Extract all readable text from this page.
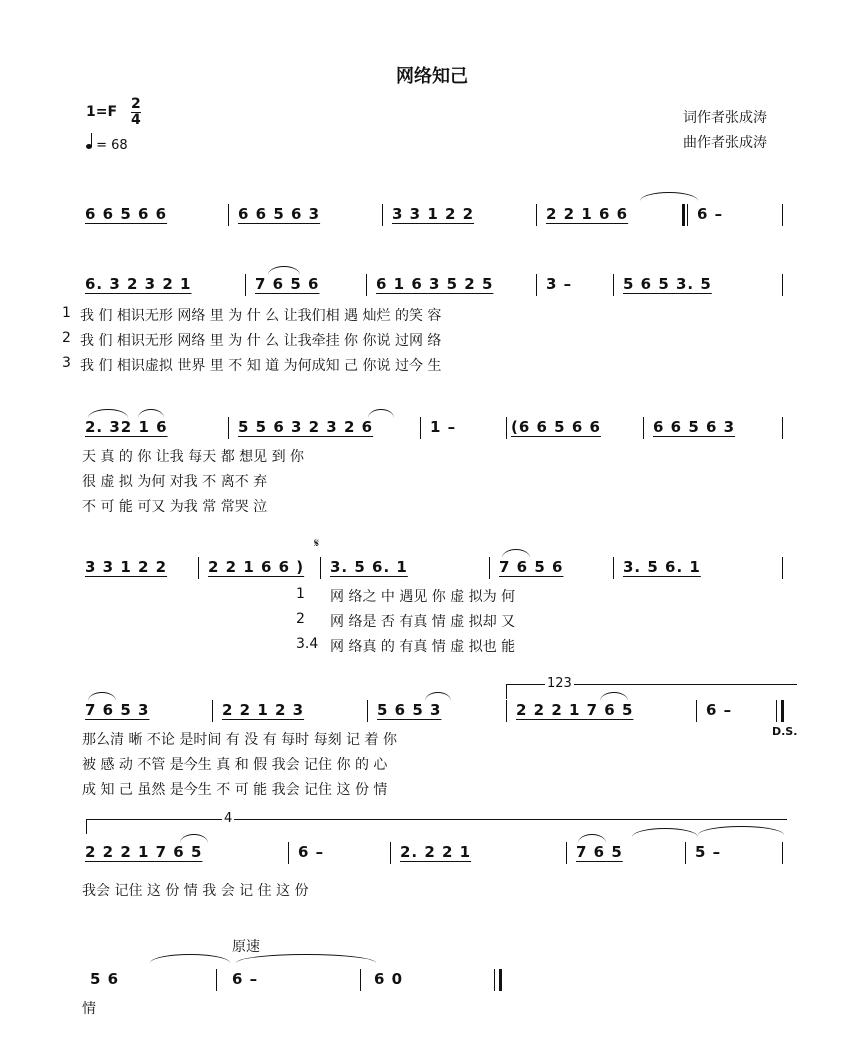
网络知己
词作者张成涛
曲作者张成涛
1=F 2
4
= 68
6 6 5 6 6	6 6 5 6 3	3 3 1 2 2	2 2 1 6 6	6 –
6. 3 2 3 2 1	7 6 5 6	6 1 6 3 5 2 5	3 –	5 6 5 3. 5
1 我 们 相识无形 网络 里 为 什 么 让我们相 遇 灿烂 的笑 容
2 我 们 相识无形 网络 里 为 什 么 让我牵挂 你 你说 过网 络
3 我 们 相识虚拟 世界 里 不 知 道 为何成知 己 你说 过今 生
2. 32 1 6	5 5 6 3 2 3 2 6	1 –	(6 6 5 6 6	6 6 5 6 3
天 真 的 你 让我 每天 都 想见 到 你
很 虚 拟 为何 对我 不 离不 弃
不 可 能 可又 为我 常 常哭 泣
𝄋
3 3 1 2 2	2 2 1 6 6 ) 3. 5 6. 1	7 6 5 6	3. 5 6. 1
1 网 络之 中 遇见 你 虚 拟为 何
2 网 络是 否 有真 情 虚 拟却 又
3.4 网 络真 的 有真 情 虚 拟也 能
123
7 6 5 3	2 2 1 2 3	5 6 5 3	2 2 2 1 7 6 5	6 –
D.S.
那么清 晰 不论 是时间 有 没 有 每时 每刻 记 着 你
被 感 动 不管 是今生 真 和 假 我会 记住 你 的 心
成 知 己 虽然 是今生 不 可 能 我会 记住 这 份 情
4
2 2 2 1 7 6 5	6 –	2. 2 2 1	7 6 5	5 –
我会 记住 这 份 情 我 会 记 住 这 份
原速
5 6	6 –	6 0
情
